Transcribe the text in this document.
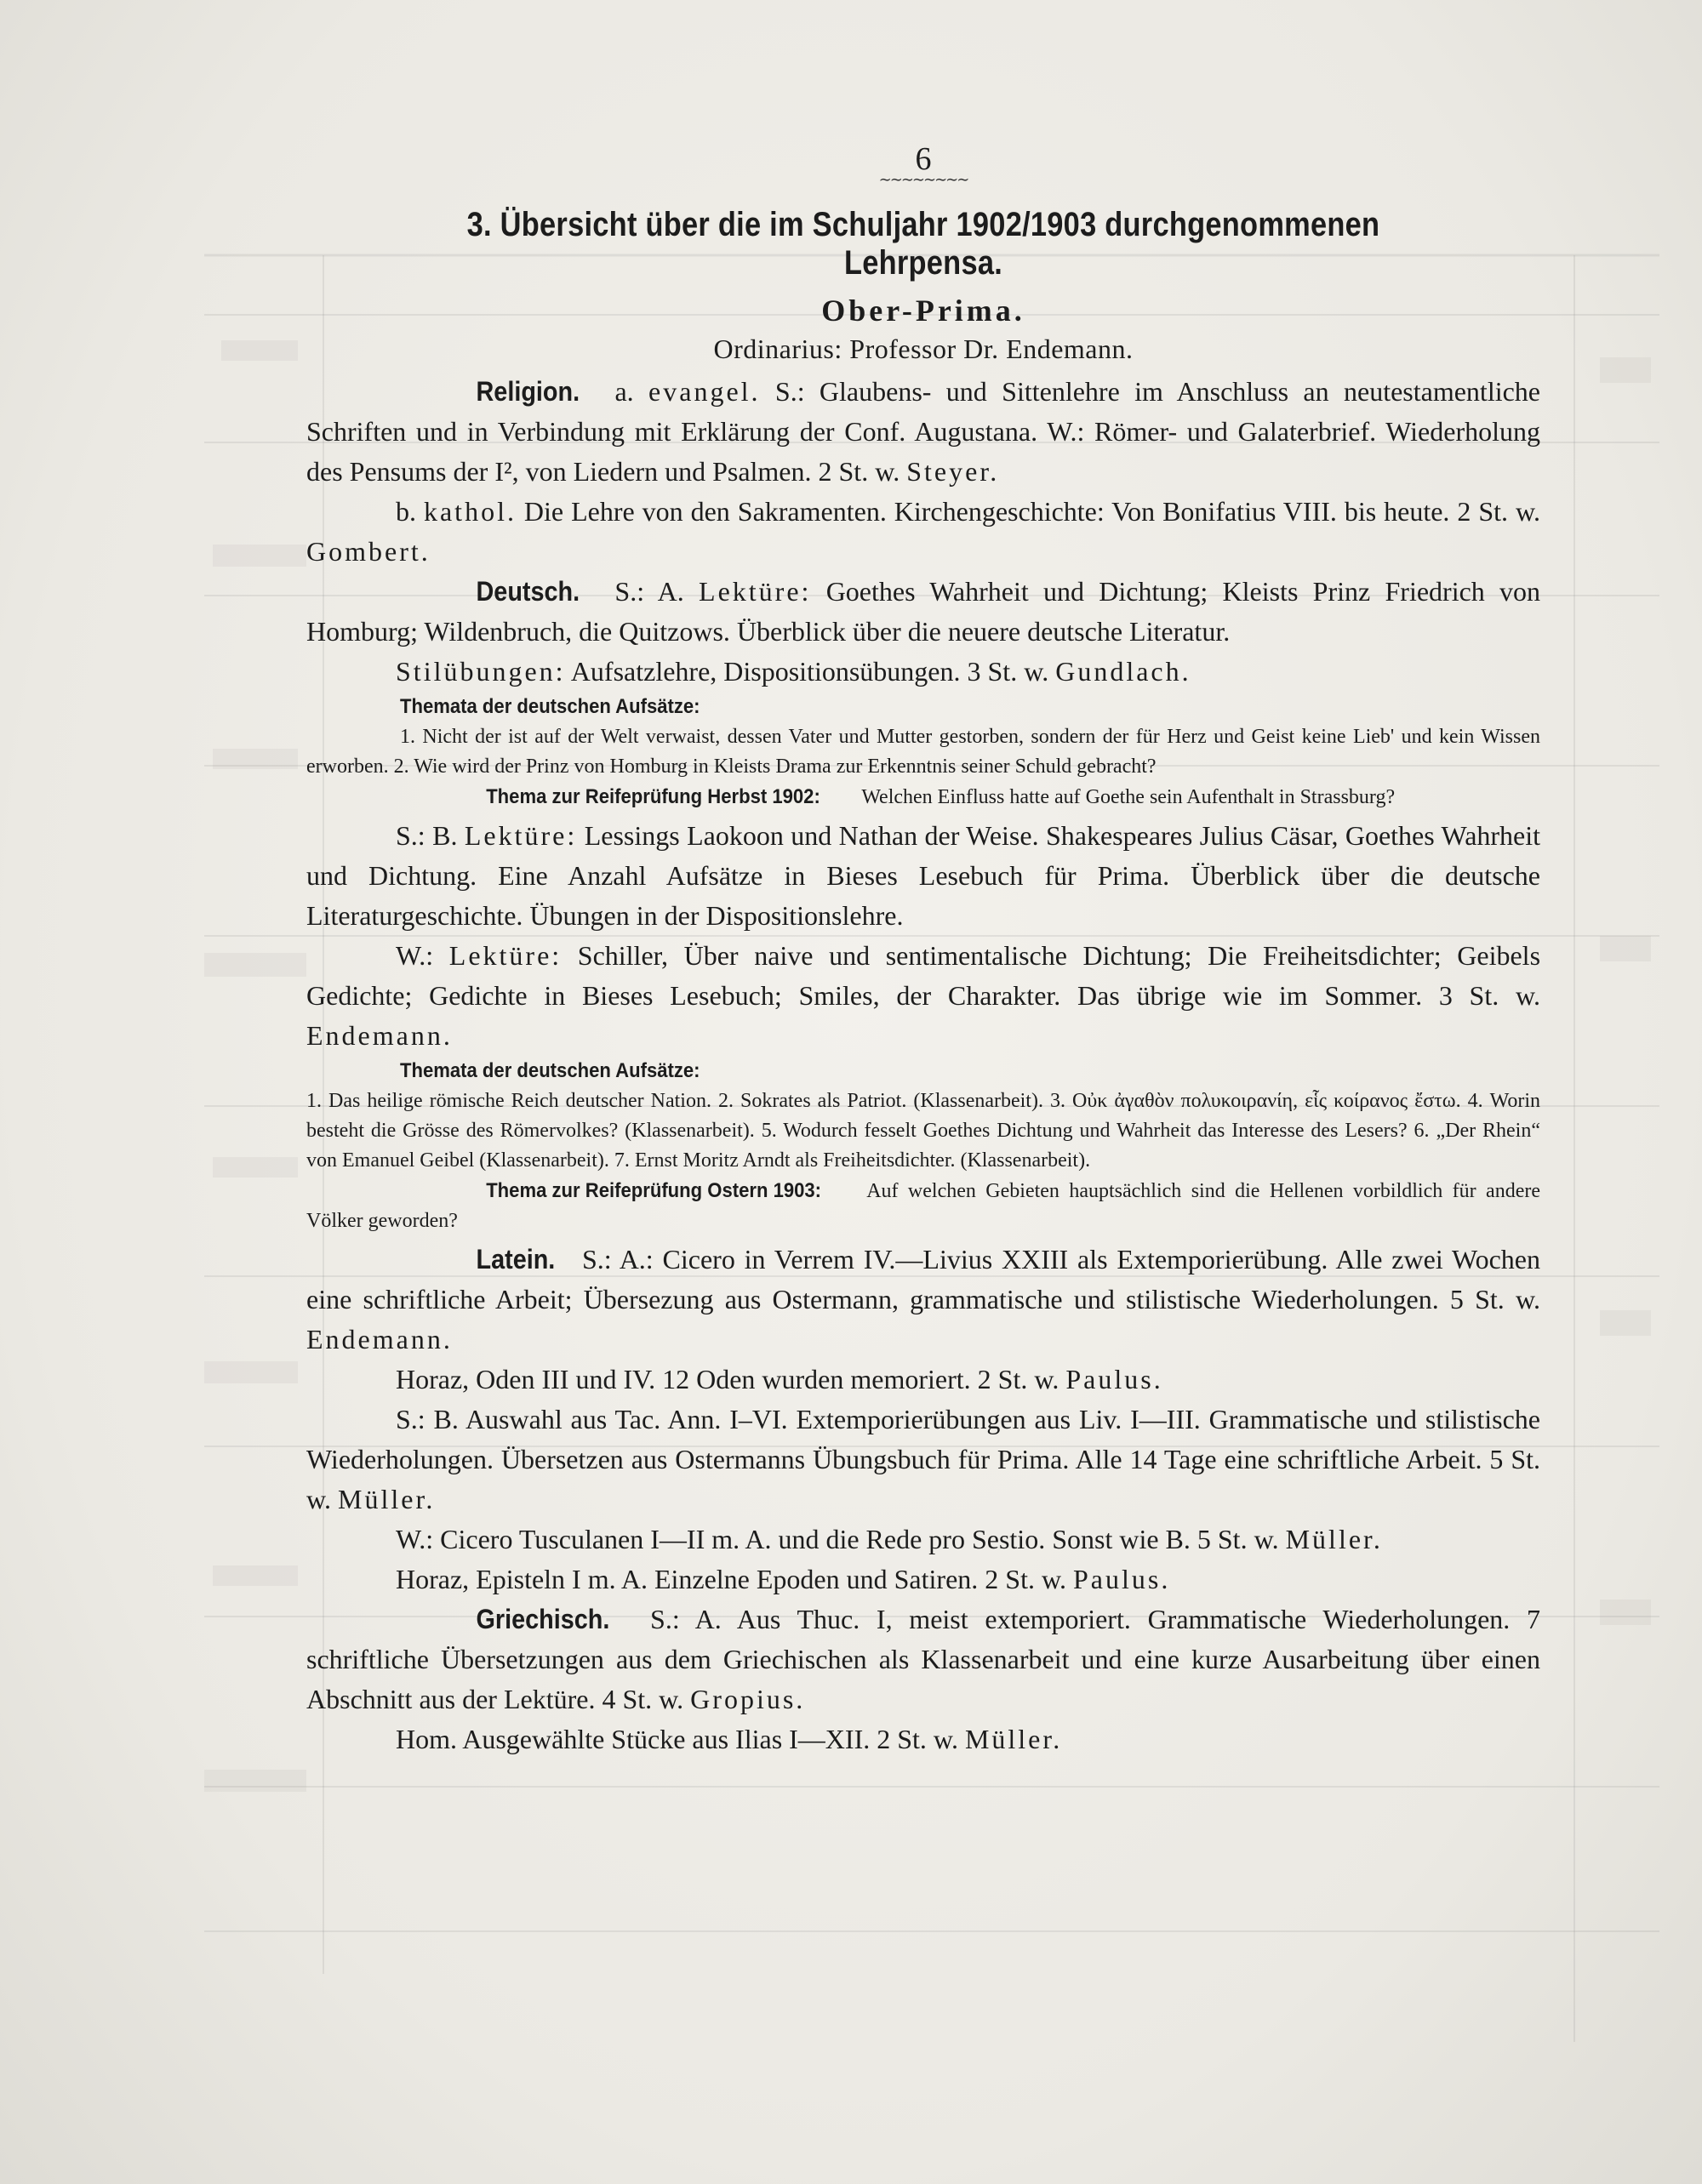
6
∼∼∼∼∼∼∼∼
3. Übersicht über die im Schuljahr 1902/1903 durchgenommenen Lehrpensa.
Ober-Prima.
Ordinarius: Professor Dr. Endemann.

Religion. a. evangel. S.: Glaubens- und Sittenlehre im Anschluss an neutestamentliche Schriften und in Verbindung mit Erklärung der Conf. Augustana. W.: Römer- und Galaterbrief. Wiederholung des Pensums der I², von Liedern und Psalmen. 2 St. w. Steyer.

b. kathol. Die Lehre von den Sakramenten. Kirchengeschichte: Von Bonifatius VIII. bis heute. 2 St. w. Gombert.

Deutsch. S.: A. Lektüre: Goethes Wahrheit und Dichtung; Kleists Prinz Friedrich von Homburg; Wildenbruch, die Quitzows. Überblick über die neuere deutsche Literatur.

Stilübungen: Aufsatzlehre, Dispositionsübungen. 3 St. w. Gundlach.

Themata der deutschen Aufsätze:

1. Nicht der ist auf der Welt verwaist, dessen Vater und Mutter gestorben, sondern der für Herz und Geist keine Lieb' und kein Wissen erworben. 2. Wie wird der Prinz von Homburg in Kleists Drama zur Erkenntnis seiner Schuld gebracht?

Thema zur Reifeprüfung Herbst 1902: Welchen Einfluss hatte auf Goethe sein Aufenthalt in Strassburg?

S.: B. Lektüre: Lessings Laokoon und Nathan der Weise. Shakespeares Julius Cäsar, Goethes Wahrheit und Dichtung. Eine Anzahl Aufsätze in Bieses Lesebuch für Prima. Überblick über die deutsche Literaturgeschichte. Übungen in der Dispositionslehre.

W.: Lektüre: Schiller, Über naive und sentimentalische Dichtung; Die Freiheitsdichter; Geibels Gedichte; Gedichte in Bieses Lesebuch; Smiles, der Charakter. Das übrige wie im Sommer. 3 St. w. Endemann.

Themata der deutschen Aufsätze:

1. Das heilige römische Reich deutscher Nation. 2. Sokrates als Patriot. (Klassenarbeit). 3. Οὐκ ἀγαθὸν πολυκοιρανίη, εἷς κοίρανος ἔστω. 4. Worin besteht die Grösse des Römervolkes? (Klassenarbeit). 5. Wodurch fesselt Goethes Dichtung und Wahrheit das Interesse des Lesers? 6. „Der Rhein“ von Emanuel Geibel (Klassenarbeit). 7. Ernst Moritz Arndt als Freiheitsdichter. (Klassenarbeit).

Thema zur Reifeprüfung Ostern 1903: Auf welchen Gebieten hauptsächlich sind die Hellenen vorbildlich für andere Völker geworden?

Latein. S.: A.: Cicero in Verrem IV.—Livius XXIII als Extemporierübung. Alle zwei Wochen eine schriftliche Arbeit; Übersezung aus Ostermann, grammatische und stilistische Wiederholungen. 5 St. w. Endemann.

Horaz, Oden III und IV. 12 Oden wurden memoriert. 2 St. w. Paulus.

S.: B. Auswahl aus Tac. Ann. I–VI. Extemporierübungen aus Liv. I—III. Grammatische und stilistische Wiederholungen. Übersetzen aus Ostermanns Übungsbuch für Prima. Alle 14 Tage eine schriftliche Arbeit. 5 St. w. Müller.

W.: Cicero Tusculanen I—II m. A. und die Rede pro Sestio. Sonst wie B. 5 St. w. Müller.

Horaz, Episteln I m. A. Einzelne Epoden und Satiren. 2 St. w. Paulus.

Griechisch. S.: A. Aus Thuc. I, meist extemporiert. Grammatische Wiederholungen. 7 schriftliche Übersetzungen aus dem Griechischen als Klassenarbeit und eine kurze Ausarbeitung über einen Abschnitt aus der Lektüre. 4 St. w. Gropius.

Hom. Ausgewählte Stücke aus Ilias I—XII. 2 St. w. Müller.
